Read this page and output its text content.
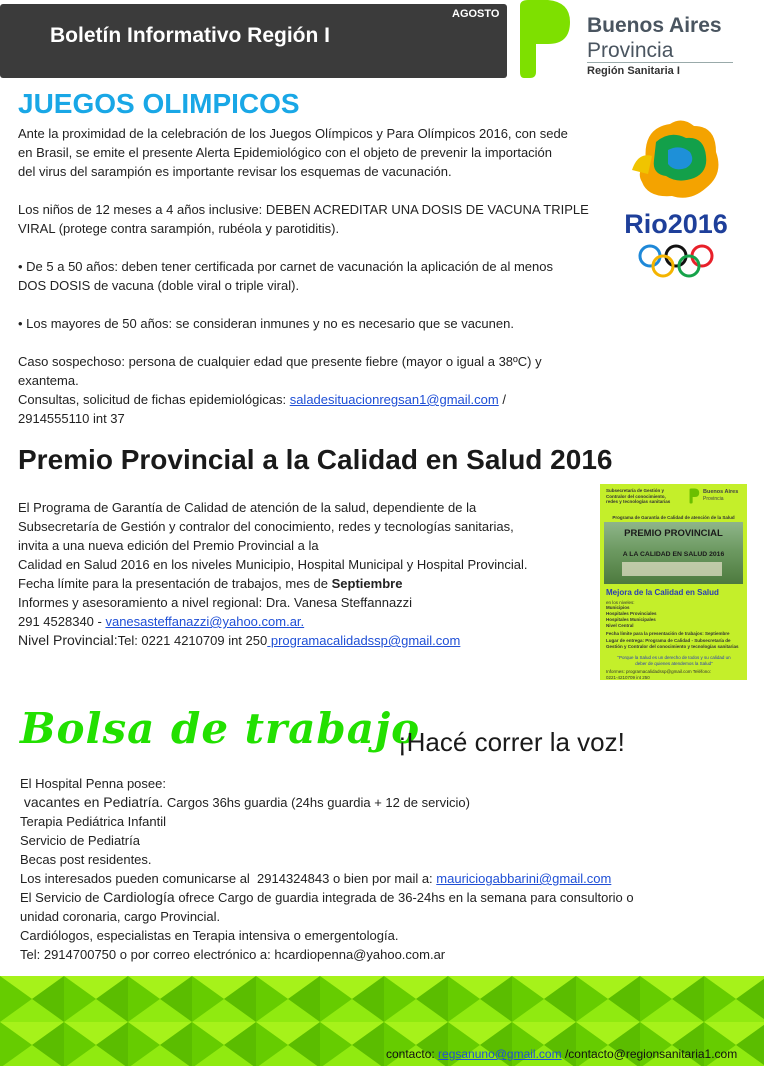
Boletín Informativo Región I
AGOSTO	Buenos Aires
Provincia
Región Sanitaria I
JUEGOS OLIMPICOS

Ante la proximidad de la celebración de los Juegos Olímpicos y Para Olímpicos 2016, con sede
en Brasil, se emite el presente Alerta Epidemiológico con el objeto de prevenir la importación
del virus del sarampión es importante revisar los esquemas de vacunación.

Los niños de 12 meses a 4 años inclusive: DEBEN ACREDITAR UNA DOSIS DE VACUNA TRIPLE
VIRAL (protege contra sarampión, rubéola y parotiditis).

• De 5 a 50 años: deben tener certificada por carnet de vacunación la aplicación de al menos
DOS DOSIS de vacuna (doble viral o triple viral).

• Los mayores de 50 años: se consideran inmunes y no es necesario que se vacunen.

Caso sospechoso: persona de cualquier edad que presente fiebre (mayor o igual a 38ºC) y
exantema.

Consultas, solicitud de fichas epidemiológicas: saladesituacionregsan1@gmail.com /

2914555110 int 37

Rio2016
Premio Provincial a la Calidad en Salud 2016
El Programa de Garantía de Calidad de atención de la salud, dependiente de la
Subsecretaría de Gestión y contralor del conocimiento, redes y tecnologías sanitarias,
invita a una nueva edición del Premio Provincial a la
Calidad en Salud 2016 en los niveles Municipio, Hospital Municipal y Hospital Provincial.
Fecha límite para la presentación de trabajos, mes de Septiembre
Informes y asesoramiento a nivel regional: Dra. Vanesa Steffannazzi
291 4528340 - vanesasteffanazzi@yahoo.com.ar.
Nivel Provincial:Tel: 0221 4210709 int 250 programacalidadssp@gmail.com
Subsecretaría de Gestión y Contralor del conocimiento, redes y tecnologías sanitarias
Buenos Aires
Provincia
Programa de Garantía de Calidad de atención de la Salud
PREMIO PROVINCIAL
A LA CALIDAD EN SALUD 2016
Mejora de la Calidad en Salud
en los niveles:
Municipios
Hospitales Provinciales
Hospitales Municipales
Nivel Central
Fecha límite para la presentación de trabajos: Septiembre
Lugar de entrega: Programa de Calidad - Subsecretaría de Gestión y Contralor del conocimiento y tecnologías sanitarias
"Porque la Salud es un derecho de todos y su calidad un deber de quienes atendemos la Salud"
Informes: programacalidadssp@gmail.com Teléfono: 0221-4210709 int 250
Bolsa de trabajo
¡Hacé correr la voz!
El Hospital Penna posee:
vacantes en Pediatría. Cargos 36hs guardia (24hs guardia + 12 de servicio)
Terapia Pediátrica Infantil
Servicio de Pediatría
Becas post residentes.
Los interesados pueden comunicarse al  2914324843 o bien por mail a: mauriciogabbarini@gmail.com
El Servicio de Cardiología ofrece Cargo de guardia integrada de 36-24hs en la semana para consultorio o
unidad coronaria, cargo Provincial.
Cardiólogos, especialistas en Terapia intensiva o emergentología.
Tel: 2914700750 o por correo electrónico a: hcardiopenna@yahoo.com.ar
contacto: regsanuno@gmail.com /contacto@regionsanitaria1.com
